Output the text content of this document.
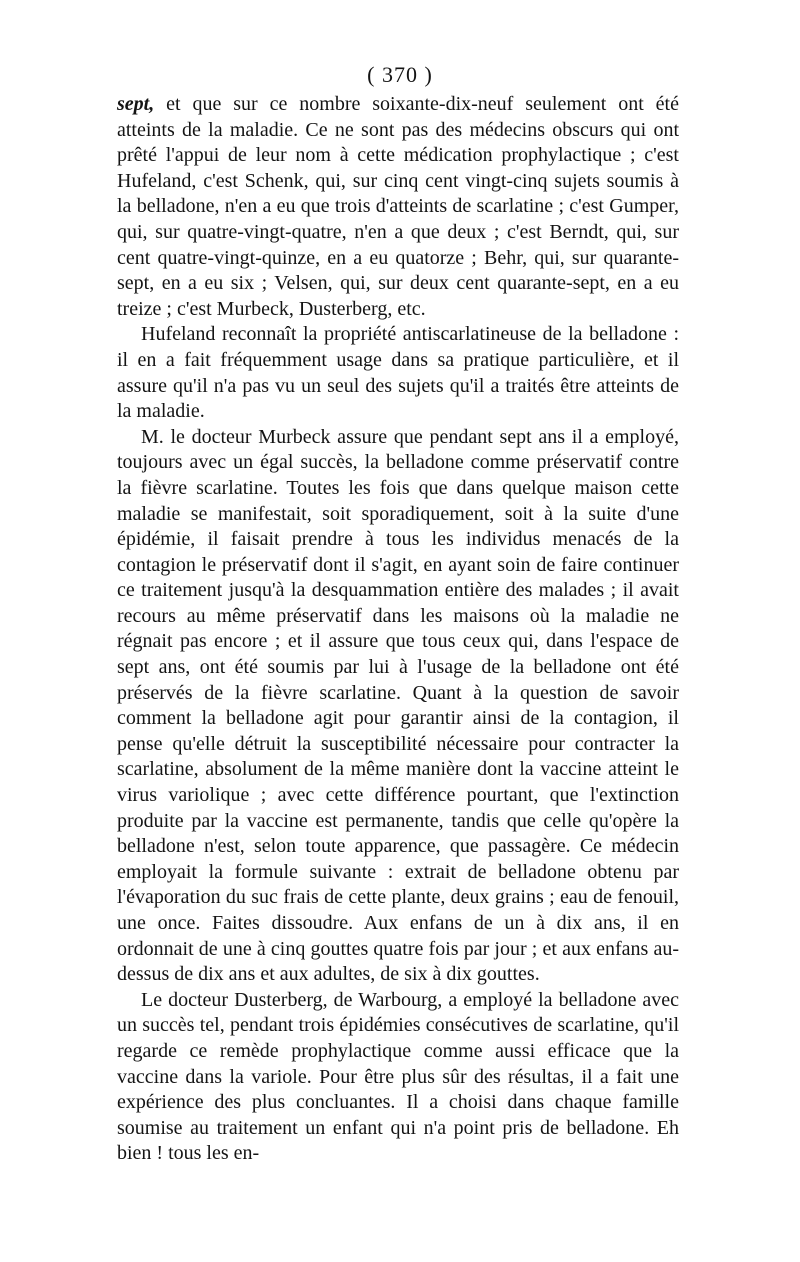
( 370 )

sept, et que sur ce nombre soixante-dix-neuf seulement ont été atteints de la maladie. Ce ne sont pas des médecins obscurs qui ont prêté l'appui de leur nom à cette médication prophylactique ; c'est Hufeland, c'est Schenk, qui, sur cinq cent vingt-cinq sujets soumis à la belladone, n'en a eu que trois d'atteints de scarlatine ; c'est Gumper, qui, sur quatre-vingt-quatre, n'en a que deux ; c'est Berndt, qui, sur cent quatre-vingt-quinze, en a eu quatorze ; Behr, qui, sur quarante-sept, en a eu six ; Velsen, qui, sur deux cent quarante-sept, en a eu treize ; c'est Murbeck, Dusterberg, etc.

Hufeland reconnaît la propriété antiscarlatineuse de la belladone : il en a fait fréquemment usage dans sa pratique particulière, et il assure qu'il n'a pas vu un seul des sujets qu'il a traités être atteints de la maladie.

M. le docteur Murbeck assure que pendant sept ans il a employé, toujours avec un égal succès, la belladone comme préservatif contre la fièvre scarlatine. Toutes les fois que dans quelque maison cette maladie se manifestait, soit sporadiquement, soit à la suite d'une épidémie, il faisait prendre à tous les individus menacés de la contagion le préservatif dont il s'agit, en ayant soin de faire continuer ce traitement jusqu'à la desquammation entière des malades ; il avait recours au même préservatif dans les maisons où la maladie ne régnait pas encore ; et il assure que tous ceux qui, dans l'espace de sept ans, ont été soumis par lui à l'usage de la belladone ont été préservés de la fièvre scarlatine. Quant à la question de savoir comment la belladone agit pour garantir ainsi de la contagion, il pense qu'elle détruit la susceptibilité nécessaire pour contracter la scarlatine, absolument de la même manière dont la vaccine atteint le virus variolique ; avec cette différence pourtant, que l'extinction produite par la vaccine est permanente, tandis que celle qu'opère la belladone n'est, selon toute apparence, que passagère. Ce médecin employait la formule suivante : extrait de belladone obtenu par l'évaporation du suc frais de cette plante, deux grains ; eau de fenouil, une once. Faites dissoudre. Aux enfans de un à dix ans, il en ordonnait de une à cinq gouttes quatre fois par jour ; et aux enfans au-dessus de dix ans et aux adultes, de six à dix gouttes.

Le docteur Dusterberg, de Warbourg, a employé la belladone avec un succès tel, pendant trois épidémies consécutives de scarlatine, qu'il regarde ce remède prophylactique comme aussi efficace que la vaccine dans la variole. Pour être plus sûr des résultas, il a fait une expérience des plus concluantes. Il a choisi dans chaque famille soumise au traitement un enfant qui n'a point pris de belladone. Eh bien ! tous les en-
